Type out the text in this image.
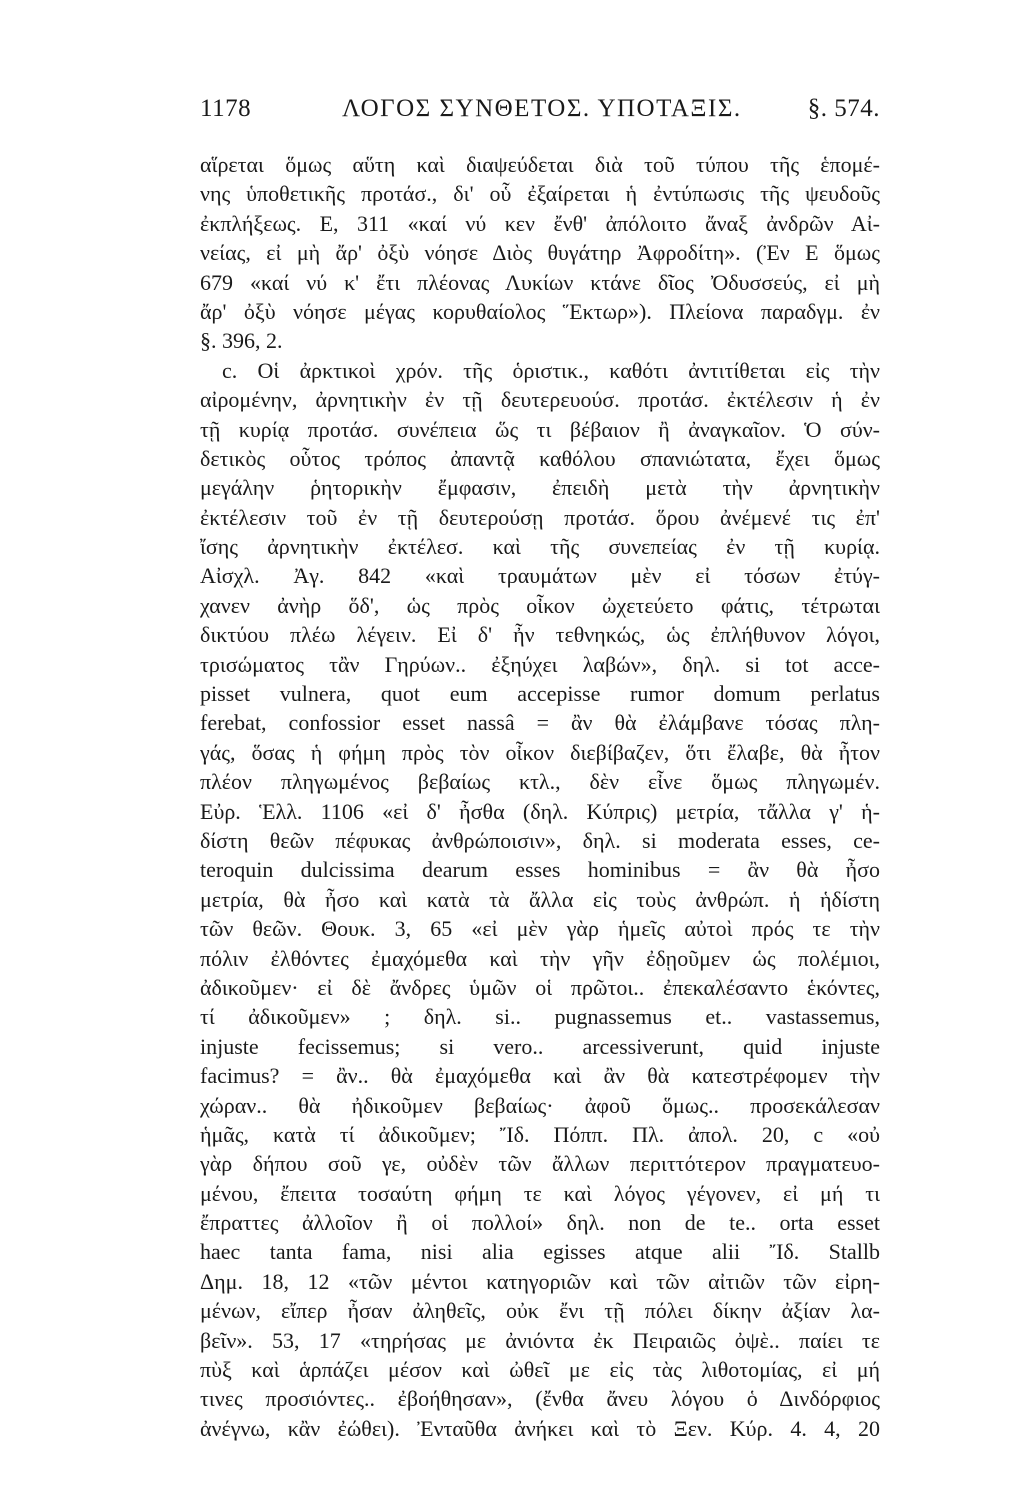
1178	ΛΟΓΟΣ ΣΥΝΘΕΤΟΣ. ΥΠΟΤΑΞΙΣ.	§. 574.
αἵρεται ὅμως αὕτη καὶ διαψεύδεται διὰ τοῦ τύπου τῆς ἑπομέ-
νης ὑποθετικῆς προτάσ., δι' οὗ ἐξαίρεται ἡ ἐντύπωσις τῆς ψευδοῦς
ἐκπλήξεως. Ε, 311 «καί νύ κεν ἔνθ' ἀπόλοιτο ἄναξ ἀνδρῶν Αἰ-
νείας, εἰ μὴ ἄρ' ὀξὺ νόησε Διὸς θυγάτηρ Ἀφροδίτη». (Ἐν Ε ὅμως
679 «καί νύ κ' ἔτι πλέονας Λυκίων κτάνε δῖος Ὀδυσσεύς, εἰ μὴ
ἄρ' ὀξὺ νόησε μέγας κορυθαίολος Ἕκτωρ»). Πλείονα παραδγμ. ἐν
§. 396, 2.
c. Οἱ ἀρκτικοὶ χρόν. τῆς ὁριστικ., καθότι ἀντιτίθεται εἰς τὴν
αἰρομένην, ἀρνητικὴν ἐν τῇ δευτερευούσ. προτάσ. ἐκτέλεσιν ἡ ἐν
τῇ κυρίᾳ προτάσ. συνέπεια ὥς τι βέβαιον ἢ ἀναγκαῖον. Ὁ σύν-
δετικὸς οὗτος τρόπος ἀπαντᾷ καθόλου σπανιώτατα, ἔχει ὅμως
μεγάλην ῥητορικὴν ἔμφασιν, ἐπειδὴ μετὰ τὴν ἀρνητικὴν
ἐκτέλεσιν τοῦ ἐν τῇ δευτερούσῃ προτάσ. ὅρου ἀνέμενέ τις ἐπ'
ἴσης ἀρνητικὴν ἐκτέλεσ. καὶ τῆς συνεπείας ἐν τῇ κυρίᾳ.
Αἰσχλ. Ἀγ. 842 «καὶ τραυμάτων μὲν εἰ τόσων ἐτύγ-
χανεν ἀνὴρ ὅδ', ὡς πρὸς οἶκον ὠχετεύετο φάτις, τέτρωται
δικτύου πλέω λέγειν. Εἰ δ' ἦν τεθνηκώς, ὡς ἐπλήθυνον λόγοι,
τρισώματος τἂν Γηρύων.. ἐξηύχει λαβών», δηλ. si tot acce-
pisset vulnera, quot eum accepisse rumor domum perlatus
ferebat, confossior esset nassâ = ἂν θὰ ἐλάμβανε τόσας πλη-
γάς, ὅσας ἡ φήμη πρὸς τὸν οἶκον διεβίβαζεν, ὅτι ἔλαβε, θὰ ἦτον
πλέον πληγωμένος βεβαίως κτλ., δὲν εἶνε ὅμως πληγωμέν.
Εὐρ. Ἑλλ. 1106 «εἰ δ' ἦσθα (δηλ. Κύπρις) μετρία, τἄλλα γ' ἡ-
δίστη θεῶν πέφυκας ἀνθρώποισιν», δηλ. si moderata esses, ce-
teroquin dulcissima dearum esses hominibus = ἂν θὰ ἦσο
μετρία, θὰ ἦσο καὶ κατὰ τὰ ἄλλα εἰς τοὺς ἀνθρώπ. ἡ ἡδίστη
τῶν θεῶν. Θουκ. 3, 65 «εἰ μὲν γὰρ ἡμεῖς αὐτοὶ πρός τε τὴν
πόλιν ἐλθόντες ἐμαχόμεθα καὶ τὴν γῆν ἐδῃοῦμεν ὡς πολέμιοι,
ἀδικοῦμεν· εἰ δὲ ἄνδρες ὑμῶν οἱ πρῶτοι.. ἐπεκαλέσαντο ἑκόντες,
τί ἀδικοῦμεν» ; δηλ. si.. pugnassemus et.. vastassemus,
injuste fecissemus; si vero.. arcessiverunt, quid injuste
facimus? = ἂν.. θὰ ἐμαχόμεθα καὶ ἂν θὰ κατεστρέφομεν τὴν
χώραν.. θὰ ἠδικοῦμεν βεβαίως· ἀφοῦ ὅμως.. προσεκάλεσαν
ἡμᾶς, κατὰ τί ἀδικοῦμεν; Ἴδ. Πόππ. Πλ. ἀπολ. 20, c «οὐ
γὰρ δήπου σοῦ γε, οὐδὲν τῶν ἄλλων περιττότερον πραγματευο-
μένου, ἔπειτα τοσαύτη φήμη τε καὶ λόγος γέγονεν, εἰ μή τι
ἔπραττες ἀλλοῖον ἢ οἱ πολλοί» δηλ. non de te.. orta esset
haec tanta fama, nisi alia egisses atque alii Ἴδ. Stallb
Δημ. 18, 12 «τῶν μέντοι κατηγοριῶν καὶ τῶν αἰτιῶν τῶν εἰρη-
μένων, εἴπερ ἦσαν ἀληθεῖς, οὐκ ἔνι τῇ πόλει δίκην ἀξίαν λα-
βεῖν». 53, 17 «τηρήσας με ἀνιόντα ἐκ Πειραιῶς ὀψὲ.. παίει τε
πὺξ καὶ ἁρπάζει μέσον καὶ ὠθεῖ με εἰς τὰς λιθοτομίας, εἰ μή
τινες προσιόντες.. ἐβοήθησαν», (ἔνθα ἄνευ λόγου ὁ Δινδόρφιος
ἀνέγνω, κἂν ἐώθει). Ἐνταῦθα ἀνήκει καὶ τὸ Ξεν. Κύρ. 4. 4, 20
